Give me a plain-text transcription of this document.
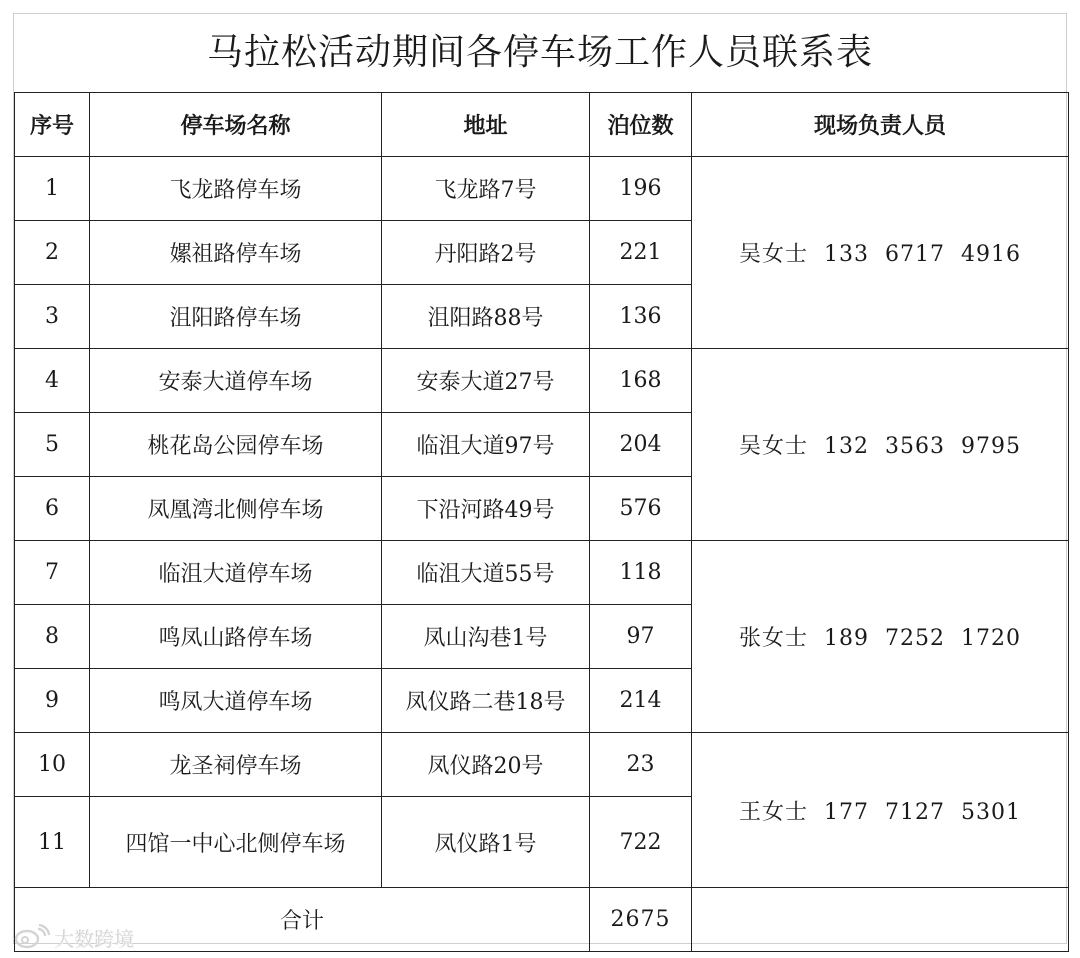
马拉松活动期间各停车场工作人员联系表
序号	停车场名称	地址	泊位数	现场负责人员
1	飞龙路停车场	飞龙路7号	196	吴女士 133 6717 4916
2	嫘祖路停车场	丹阳路2号	221	
3	沮阳路停车场	沮阳路88号	136	
4	安泰大道停车场	安泰大道27号	168	吴女士 132 3563 9795
5	桃花岛公园停车场	临沮大道97号	204	
6	凤凰湾北侧停车场	下沿河路49号	576	
7	临沮大道停车场	临沮大道55号	118	张女士 189 7252 1720
8	鸣凤山路停车场	凤山沟巷1号	97	
9	鸣凤大道停车场	凤仪路二巷18号	214	
10	龙圣祠停车场	凤仪路20号	23	王女士 177 7127 5301
11	四馆一中心北侧停车场	凤仪路1号	722	
合计			2675	
大数跨境
